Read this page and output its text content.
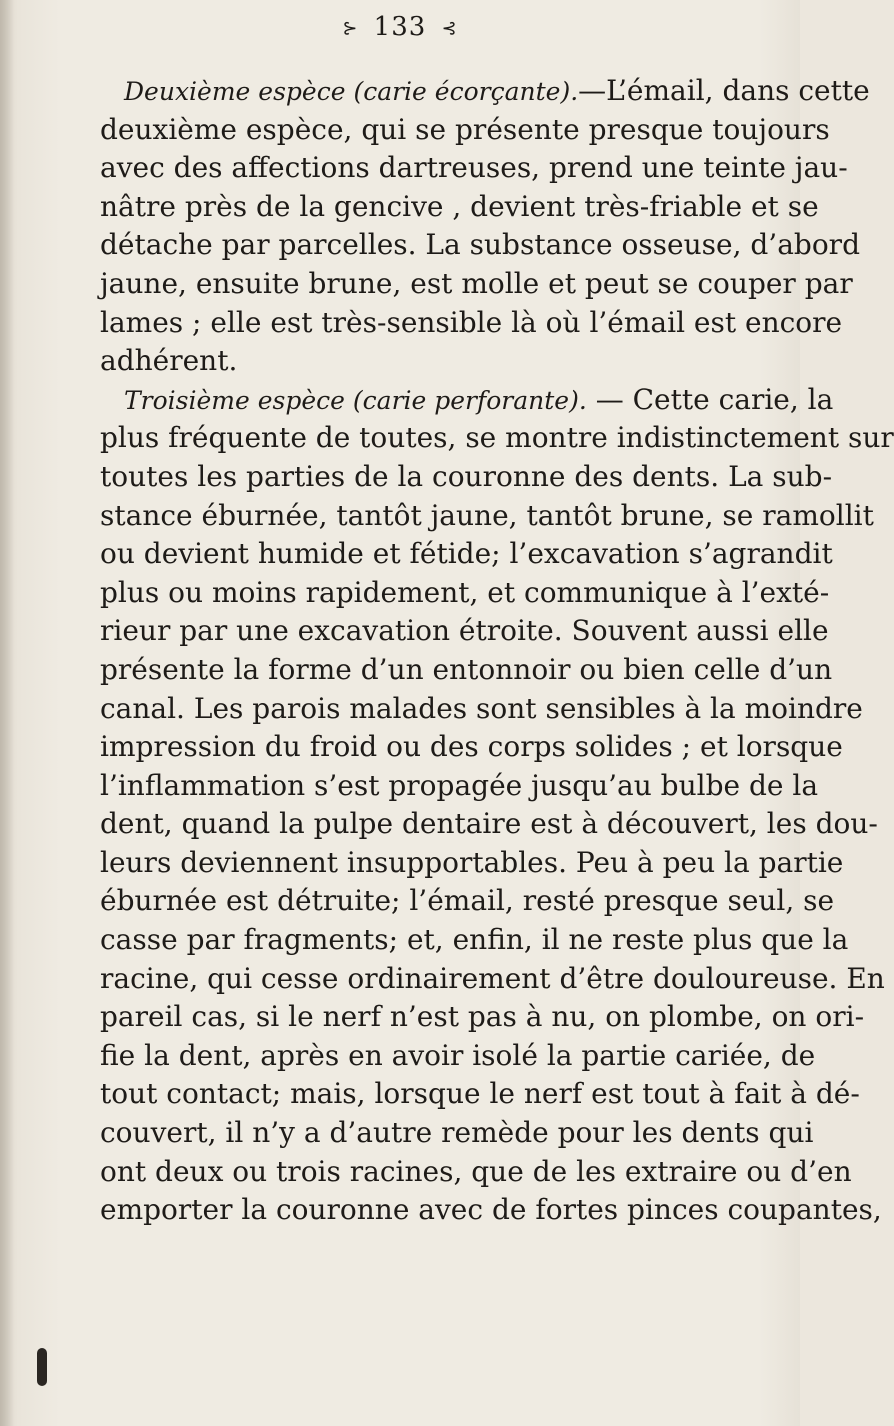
⊱ 133 ⊰
Deuxième espèce (carie écorçante).—L’émail, dans cette
deuxième espèce, qui se présente presque toujours
avec des affections dartreuses, prend une teinte jau-
nâtre près de la gencive , devient très-friable et se
détache par parcelles. La substance osseuse, d’abord
jaune, ensuite brune, est molle et peut se couper par
lames ; elle est très-sensible là où l’émail est encore
adhérent.
Troisième espèce (carie perforante). — Cette carie, la
plus fréquente de toutes, se montre indistinctement sur
toutes les parties de la couronne des dents. La sub-
stance éburnée, tantôt jaune, tantôt brune, se ramollit
ou devient humide et fétide; l’excavation s’agrandit
plus ou moins rapidement, et communique à l’exté-
rieur par une excavation étroite. Souvent aussi elle
présente la forme d’un entonnoir ou bien celle d’un
canal. Les parois malades sont sensibles à la moindre
impression du froid ou des corps solides ; et lorsque
l’inflammation s’est propagée jusqu’au bulbe de la
dent, quand la pulpe dentaire est à découvert, les dou-
leurs deviennent insupportables. Peu à peu la partie
éburnée est détruite; l’émail, resté presque seul, se
casse par fragments; et, enfin, il ne reste plus que la
racine, qui cesse ordinairement d’être douloureuse. En
pareil cas, si le nerf n’est pas à nu, on plombe, on ori-
fie la dent, après en avoir isolé la partie cariée, de
tout contact; mais, lorsque le nerf est tout à fait à dé-
couvert, il n’y a d’autre remède pour les dents qui
ont deux ou trois racines, que de les extraire ou d’en
emporter la couronne avec de fortes pinces coupantes,
